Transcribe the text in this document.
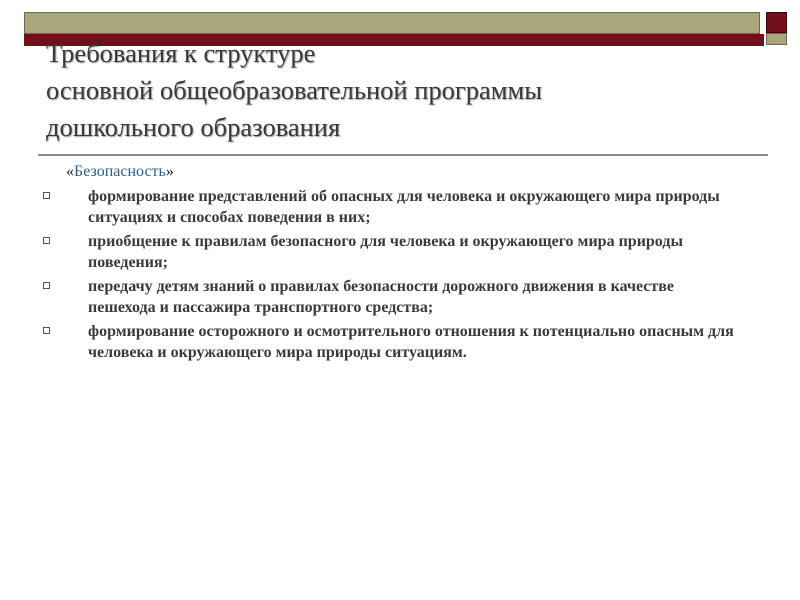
Требования к структуре
основной общеобразовательной программы
дошкольного образования
«Безопасность»
формирование представлений об опасных для человека и окружающего мира природы ситуациях и способах поведения в них;
приобщение к правилам безопасного для человека и окружающего мира природы поведения;
передачу детям знаний о правилах безопасности дорожного движения в качестве пешехода и пассажира транспортного средства;
формирование осторожного и осмотрительного отношения к потенциально опасным для человека и окружающего мира природы ситуациям.
